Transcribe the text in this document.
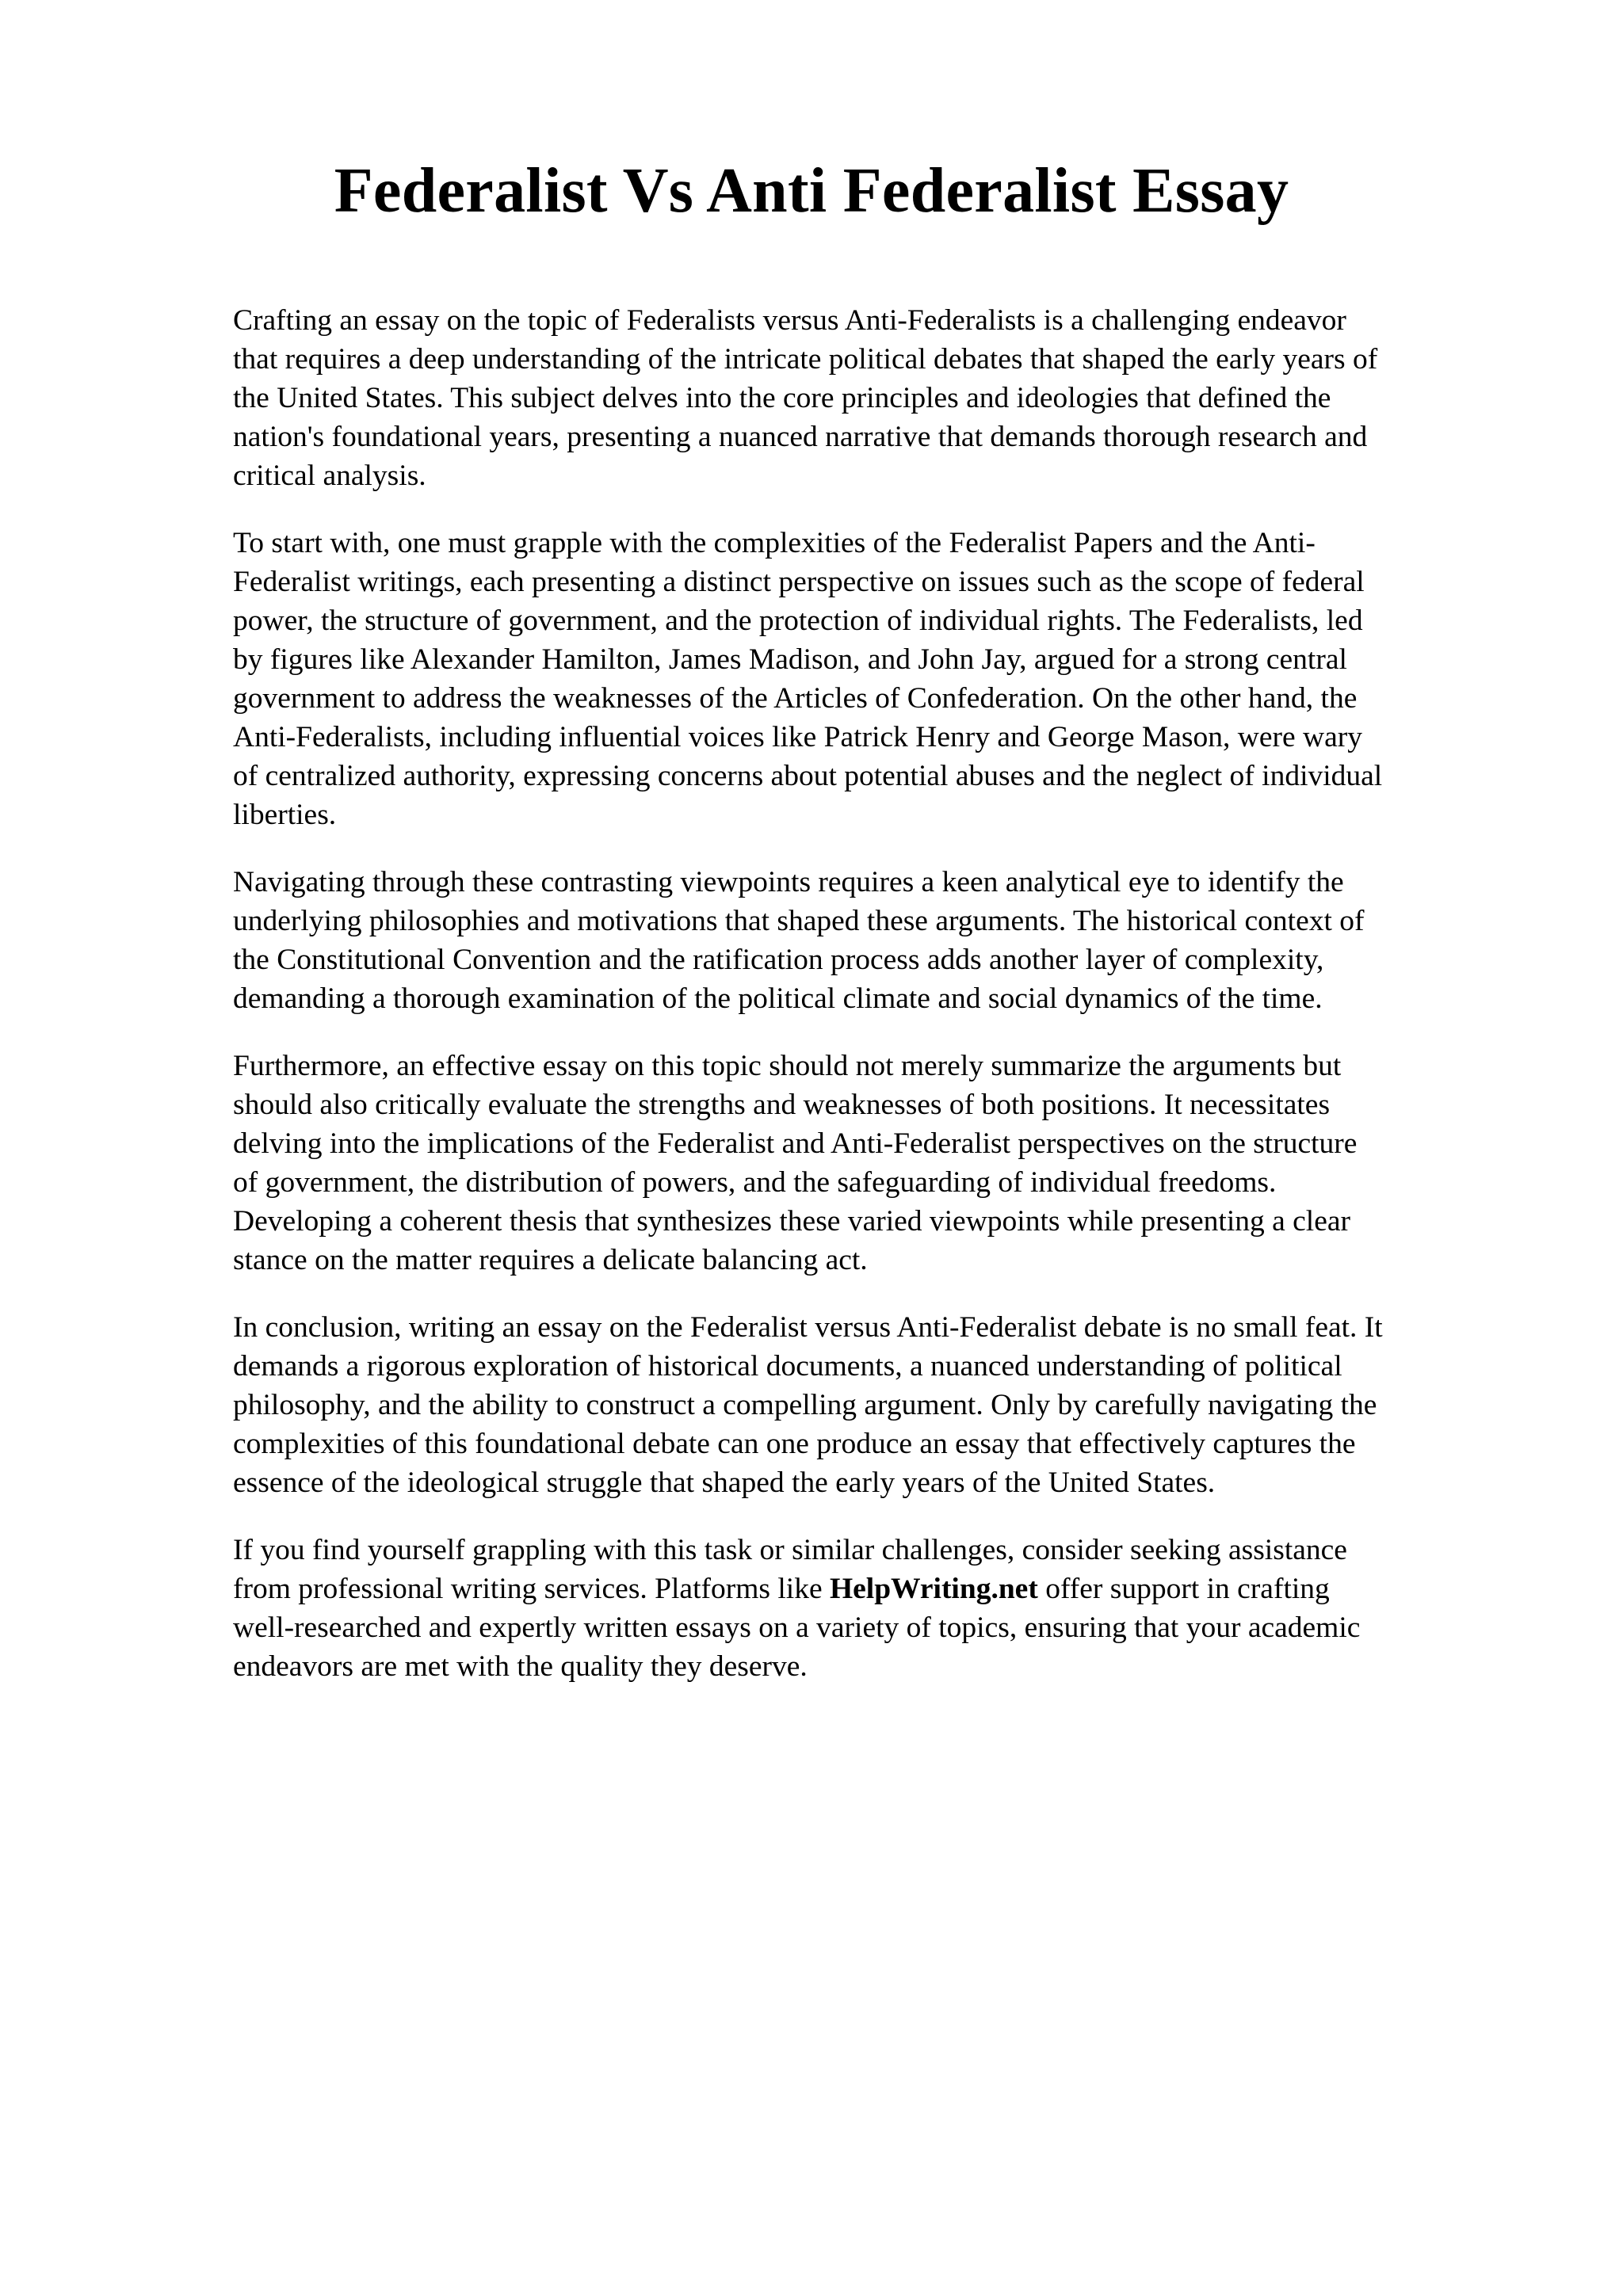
Federalist Vs Anti Federalist Essay

Crafting an essay on the topic of Federalists versus Anti-Federalists is a challenging endeavor
that requires a deep understanding of the intricate political debates that shaped the early years of
the United States. This subject delves into the core principles and ideologies that defined the
nation's foundational years, presenting a nuanced narrative that demands thorough research and
critical analysis.

To start with, one must grapple with the complexities of the Federalist Papers and the Anti-
Federalist writings, each presenting a distinct perspective on issues such as the scope of federal
power, the structure of government, and the protection of individual rights. The Federalists, led
by figures like Alexander Hamilton, James Madison, and John Jay, argued for a strong central
government to address the weaknesses of the Articles of Confederation. On the other hand, the
Anti-Federalists, including influential voices like Patrick Henry and George Mason, were wary
of centralized authority, expressing concerns about potential abuses and the neglect of individual
liberties.

Navigating through these contrasting viewpoints requires a keen analytical eye to identify the
underlying philosophies and motivations that shaped these arguments. The historical context of
the Constitutional Convention and the ratification process adds another layer of complexity,
demanding a thorough examination of the political climate and social dynamics of the time.

Furthermore, an effective essay on this topic should not merely summarize the arguments but
should also critically evaluate the strengths and weaknesses of both positions. It necessitates
delving into the implications of the Federalist and Anti-Federalist perspectives on the structure
of government, the distribution of powers, and the safeguarding of individual freedoms.
Developing a coherent thesis that synthesizes these varied viewpoints while presenting a clear
stance on the matter requires a delicate balancing act.

In conclusion, writing an essay on the Federalist versus Anti-Federalist debate is no small feat. It
demands a rigorous exploration of historical documents, a nuanced understanding of political
philosophy, and the ability to construct a compelling argument. Only by carefully navigating the
complexities of this foundational debate can one produce an essay that effectively captures the
essence of the ideological struggle that shaped the early years of the United States.

If you find yourself grappling with this task or similar challenges, consider seeking assistance
from professional writing services. Platforms like HelpWriting.net offer support in crafting
well-researched and expertly written essays on a variety of topics, ensuring that your academic
endeavors are met with the quality they deserve.
